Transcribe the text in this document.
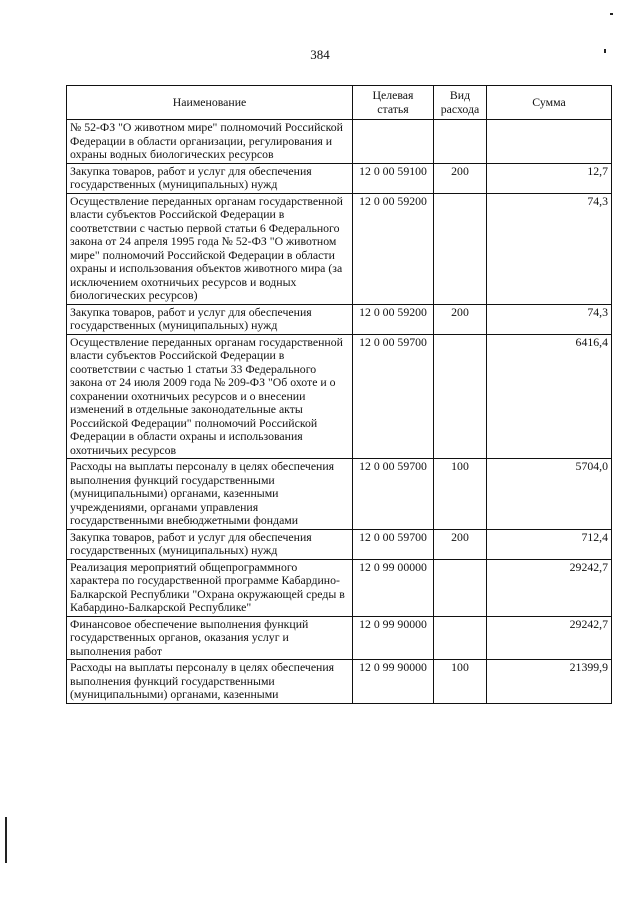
384
Наименование	Целевая статья	Вид расхода	Сумма
№ 52-ФЗ "О животном мире" полномочий Российской Федерации в области организации, регулирования и охраны водных биологических ресурсов			
Закупка товаров, работ и услуг для обеспечения государственных (муниципальных) нужд	12 0 00 59100	200	12,7
Осуществление переданных органам государственной власти субъектов Российской Федерации в соответствии с частью первой статьи 6 Федерального закона от 24 апреля 1995 года № 52-ФЗ "О животном мире" полномочий Российской Федерации в области охраны и использования объектов животного мира (за исключением охотничьих ресурсов и водных биологических ресурсов)	12 0 00 59200		74,3
Закупка товаров, работ и услуг для обеспечения государственных (муниципальных) нужд	12 0 00 59200	200	74,3
Осуществление переданных органам государственной власти субъектов Российской Федерации в соответствии с частью 1 статьи 33 Федерального закона от 24 июля 2009 года № 209-ФЗ "Об охоте и о сохранении охотничьих ресурсов и о внесении изменений в отдельные законодательные акты Российской Федерации" полномочий Российской Федерации в области охраны и использования охотничьих ресурсов	12 0 00 59700		6416,4
Расходы на выплаты персоналу в целях обеспечения выполнения функций государственными (муниципальными) органами, казенными учреждениями, органами управления государственными внебюджетными фондами	12 0 00 59700	100	5704,0
Закупка товаров, работ и услуг для обеспечения государственных (муниципальных) нужд	12 0 00 59700	200	712,4
Реализация мероприятий общепрограммного характера по государственной программе Кабардино-Балкарской Республики "Охрана окружающей среды в Кабардино-Балкарской Республике"	12 0 99 00000		29242,7
Финансовое обеспечение выполнения функций государственных органов, оказания услуг и выполнения работ	12 0 99 90000		29242,7
Расходы на выплаты персоналу в целях обеспечения выполнения функций государственными (муниципальными) органами, казенными	12 0 99 90000	100	21399,9
